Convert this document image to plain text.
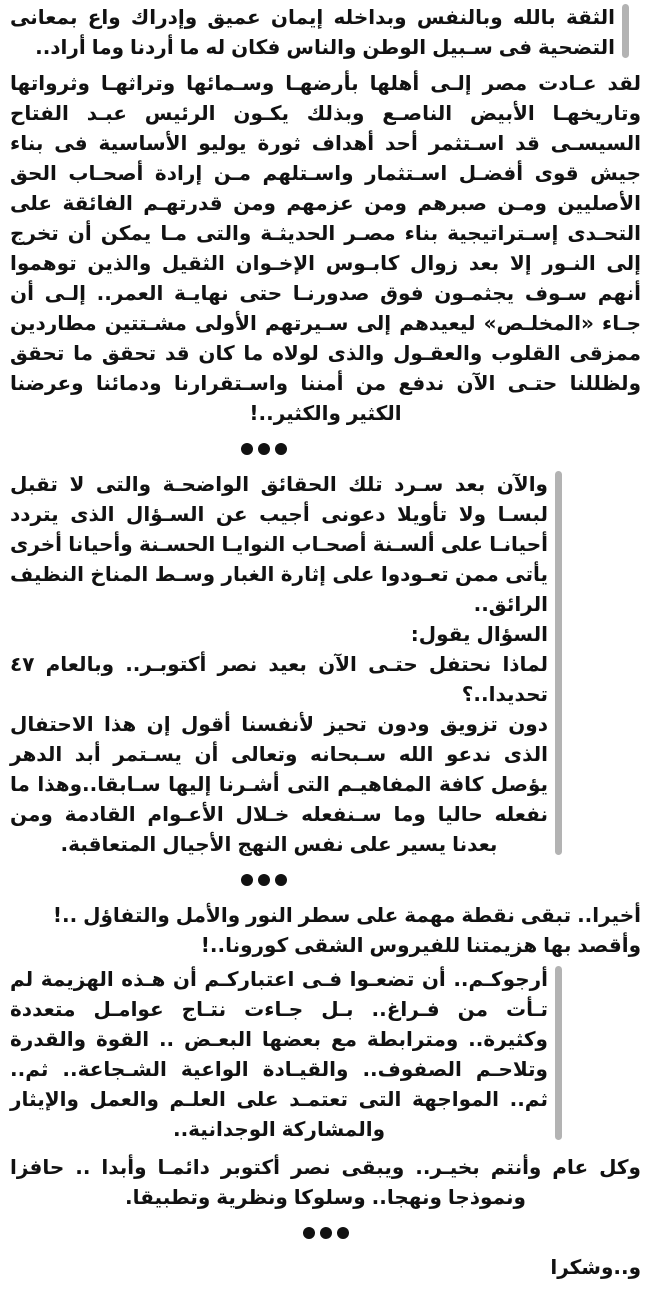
الثقة بالله وبالنفس وبداخله إيمان عميق وإدراك واع بمعانى التضحية فى سـبيل الوطن والناس فكان له ما أردنا وما أراد..

لقد عـادت مصر إلـى أهلها بأرضهـا وسـمائها وتراثهـا وثرواتها وتاريخهـا الأبيض الناصـع وبذلك يكـون الرئيس عبـد الفتاح السيسـى قد اسـتثمر أحد أهداف ثورة يوليو الأساسية فى بناء جيش قوى أفضـل اسـتثمار واسـتلهم مـن إرادة أصحـاب الحق الأصليين ومـن صبرهم ومن عزمهم ومن قدرتهـم الفائقة على التحـدى إسـتراتيجية بناء مصـر الحديثـة والتى مـا يمكن أن تخرج إلى النـور إلا بعد زوال كابـوس الإخـوان الثقيل والذين توهموا أنهم سـوف يجثمـون فوق صدورنـا حتى نهايـة العمر.. إلـى أن جـاء «المخلـص» ليعيدهم إلى سـيرتهم الأولى مشـتتين مطاردين ممزقى القلوب والعقـول والذى لولاه ما كان قد تحقق ما تحقق ولظللنا حتـى الآن ندفع من أمننا واسـتقرارنا ودمائنا وعرضنا الكثير والكثير..!

والآن بعد سـرد تلك الحقائق الواضحـة والتى لا تقبل لبسـا ولا تأويلا دعونى أجيب عن السـؤال الذى يتردد أحيانـا على ألسـنة أصحـاب النوايـا الحسـنة وأحيانا أخرى يأتى ممن تعـودوا على إثارة الغبار وسـط المناخ النظيف الرائق..

السؤال يقول:

لماذا نحتفل حتـى الآن بعيد نصر أكتوبـر.. وبالعام ٤٧ تحديدا..؟

دون تزويق ودون تحيز لأنفسنا أقول إن هذا الاحتفال الذى ندعو الله سـبحانه وتعالى أن يسـتمر أبد الدهر يؤصل كافة المفاهيـم التى أشـرنا إليها سـابقا..وهذا ما نفعله حاليا وما سـنفعله خـلال الأعـوام القادمة ومن بعدنا يسير على نفس النهج الأجيال المتعاقبة.

أخيرا.. تبقى نقطة مهمة على سطر النور والأمل والتفاؤل ..!

وأقصد بها هزيمتنا للفيروس الشقى كورونا..!

أرجوكـم.. أن تضعـوا فـى اعتباركـم أن هـذه الهزيمة لم تـأت من فـراغ.. بـل جـاءت نتـاج عوامـل متعددة وكثيرة.. ومترابطة مع بعضها البعـض .. القوة والقدرة وتلاحـم الصفوف.. والقيـادة الواعية الشـجاعة.. ثم.. ثم.. المواجهة التى تعتمـد على العلـم والعمل والإيثار والمشاركة الوجدانية..

وكل عام وأنتم بخيـر.. ويبقى نصر أكتوبر دائمـا وأبدا .. حافزا ونموذجا ونهجا.. وسلوكا ونظرية وتطبيقا.

و..وشكرا
